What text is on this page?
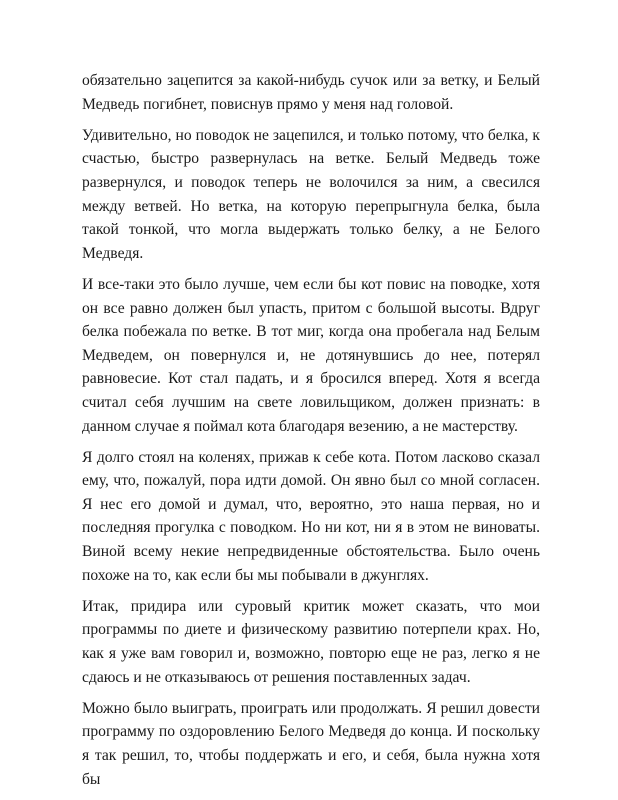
обязательно зацепится за какой-нибудь сучок или за ветку, и Белый Медведь погибнет, повиснув прямо у меня над головой.

Удивительно, но поводок не зацепился, и только потому, что белка, к счастью, быстро развернулась на ветке. Белый Медведь тоже развернулся, и поводок теперь не волочился за ним, а свесился между ветвей. Но ветка, на которую перепрыгнула белка, была такой тонкой, что могла выдержать только белку, а не Белого Медведя.

И все-таки это было лучше, чем если бы кот повис на поводке, хотя он все равно должен был упасть, притом с большой высоты. Вдруг белка побежала по ветке. В тот миг, когда она пробегала над Белым Медведем, он повернулся и, не дотянувшись до нее, потерял равновесие. Кот стал падать, и я бросился вперед. Хотя я всегда считал себя лучшим на свете ловильщиком, должен признать: в данном случае я поймал кота благодаря везению, а не мастерству.

Я долго стоял на коленях, прижав к себе кота. Потом ласково сказал ему, что, пожалуй, пора идти домой. Он явно был со мной согласен. Я нес его домой и думал, что, вероятно, это наша первая, но и последняя прогулка с поводком. Но ни кот, ни я в этом не виноваты. Виной всему некие непредвиденные обстоятельства. Было очень похоже на то, как если бы мы побывали в джунглях.

Итак, придира или суровый критик может сказать, что мои программы по диете и физическому развитию потерпели крах. Но, как я уже вам говорил и, возможно, повторю еще не раз, легко я не сдаюсь и не отказываюсь от решения поставленных задач.

Можно было выиграть, проиграть или продолжать. Я решил довести программу по оздоровлению Белого Медведя до конца. И поскольку я так решил, то, чтобы поддержать и его, и себя, была нужна хотя бы
